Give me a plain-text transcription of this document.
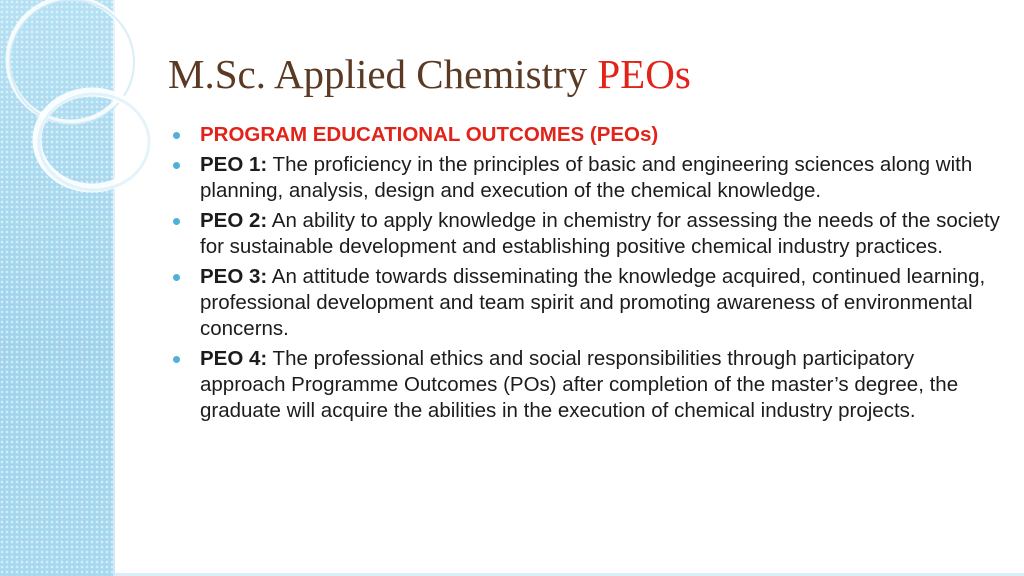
M.Sc. Applied Chemistry PEOs
PROGRAM EDUCATIONAL OUTCOMES (PEOs)
PEO 1: The proficiency in the principles of basic and engineering sciences along with planning, analysis, design and execution of the chemical knowledge.
PEO 2: An ability to apply knowledge in chemistry for assessing the needs of the society for sustainable development and establishing positive chemical industry practices.
PEO 3: An attitude towards disseminating the knowledge acquired, continued learning, professional development and team spirit and promoting awareness of environmental concerns.
PEO 4: The professional ethics and social responsibilities through participatory approach Programme Outcomes (POs) after completion of the master’s degree, the graduate will acquire the abilities in the execution of chemical industry projects.
